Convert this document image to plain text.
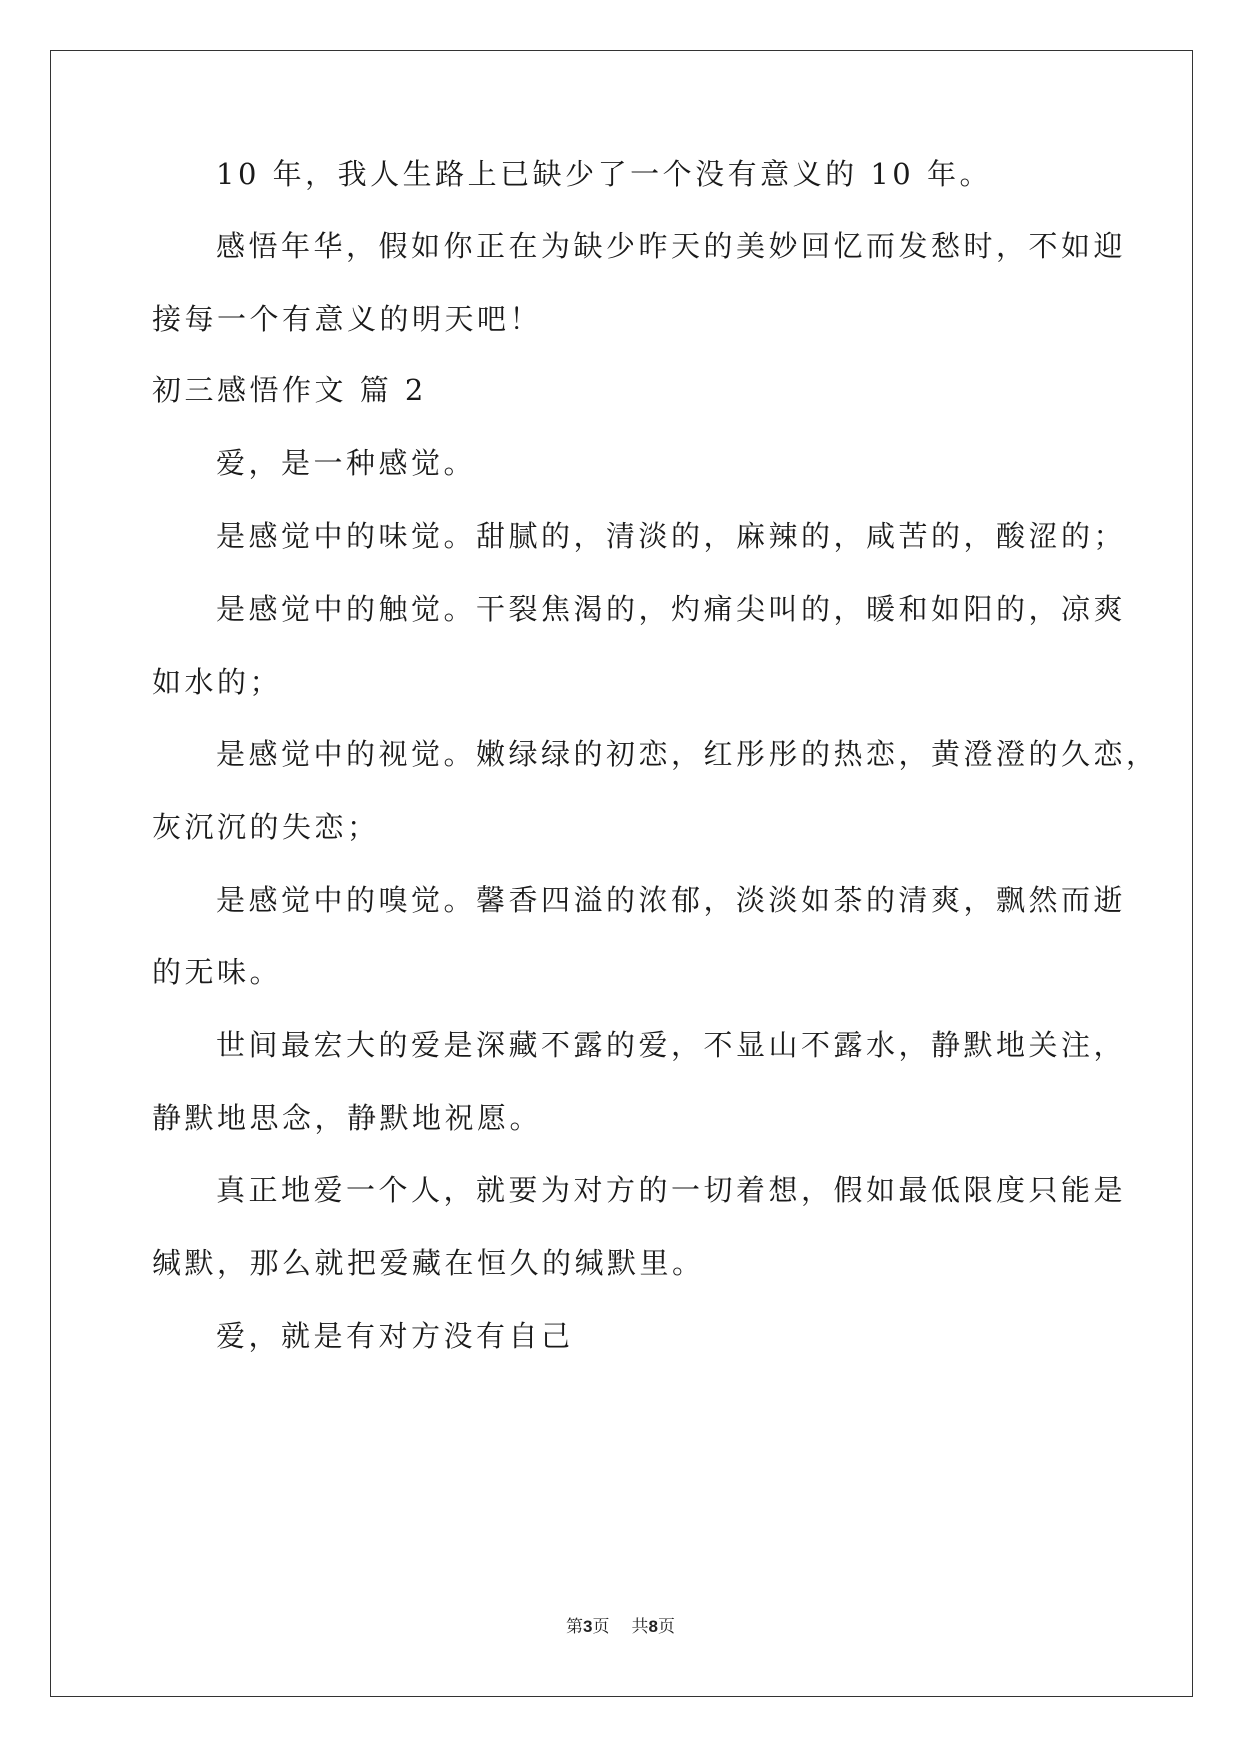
10 年，我人生路上已缺少了一个没有意义的 10 年。
感悟年华，假如你正在为缺少昨天的美妙回忆而发愁时，不如迎
接每一个有意义的明天吧！
初三感悟作文 篇 2
爱，是一种感觉。
是感觉中的味觉。甜腻的，清淡的，麻辣的，咸苦的，酸涩的；
是感觉中的触觉。干裂焦渴的，灼痛尖叫的，暖和如阳的，凉爽
如水的；
是感觉中的视觉。嫩绿绿的初恋，红彤彤的热恋，黄澄澄的久恋，
灰沉沉的失恋；
是感觉中的嗅觉。馨香四溢的浓郁，淡淡如茶的清爽，飘然而逝
的无味。
世间最宏大的爱是深藏不露的爱，不显山不露水，静默地关注，
静默地思念，静默地祝愿。
真正地爱一个人，就要为对方的一切着想，假如最低限度只能是
缄默，那么就把爱藏在恒久的缄默里。
爱，就是有对方没有自己
第3页 共8页
